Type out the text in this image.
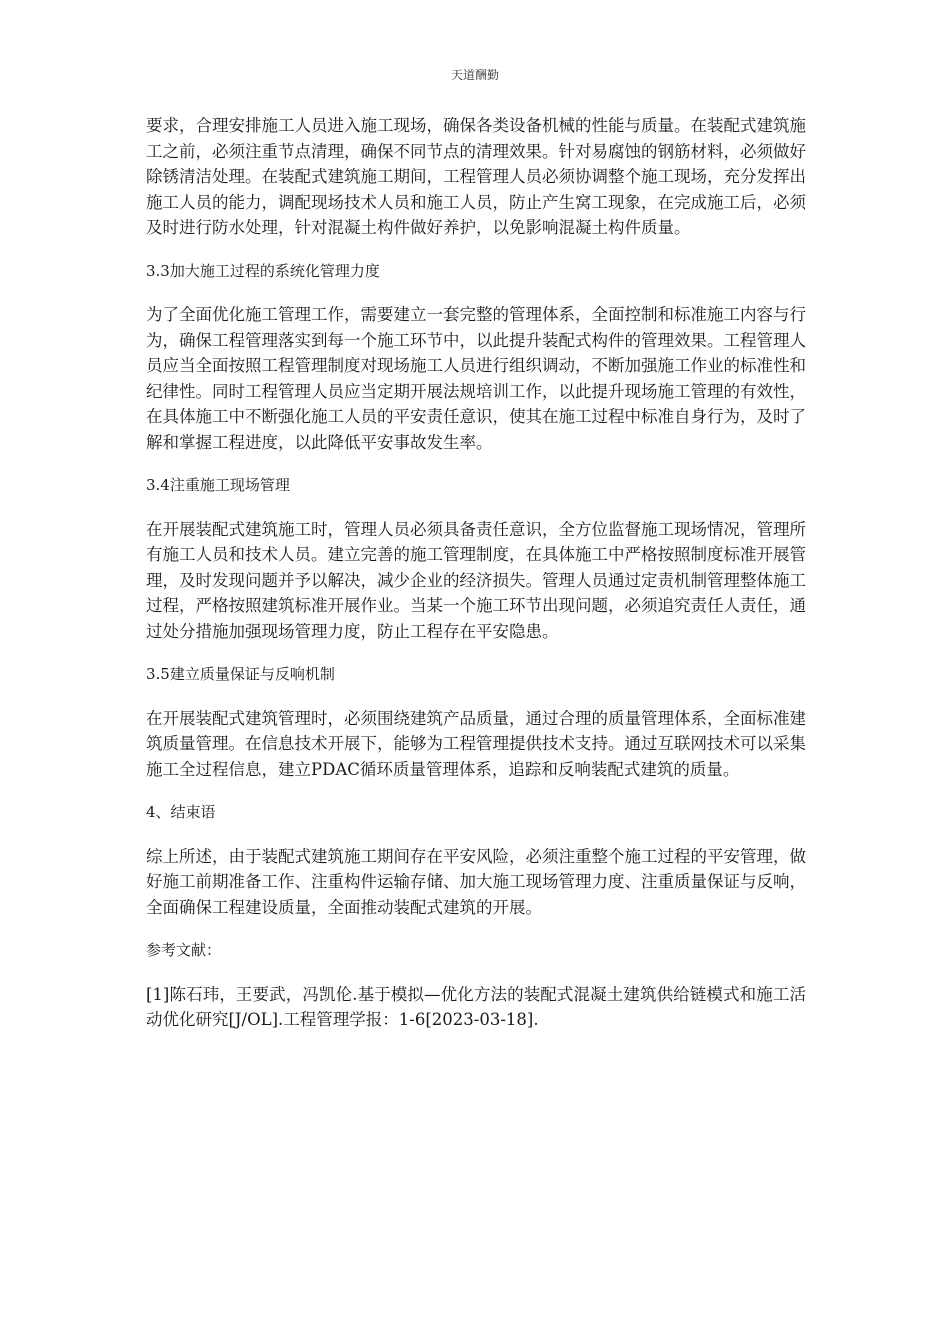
天道酬勤

要求，合理安排施工人员进入施工现场，确保各类设备机械的性能与质量。在装配式建筑施工之前，必须注重节点清理，确保不同节点的清理效果。针对易腐蚀的钢筋材料，必须做好除锈清洁处理。在装配式建筑施工期间，工程管理人员必须协调整个施工现场，充分发挥出施工人员的能力，调配现场技术人员和施工人员，防止产生窝工现象，在完成施工后，必须及时进行防水处理，针对混凝土构件做好养护，以免影响混凝土构件质量。

3.3加大施工过程的系统化管理力度

为了全面优化施工管理工作，需要建立一套完整的管理体系，全面控制和标准施工内容与行为，确保工程管理落实到每一个施工环节中，以此提升装配式构件的管理效果。工程管理人员应当全面按照工程管理制度对现场施工人员进行组织调动，不断加强施工作业的标准性和纪律性。同时工程管理人员应当定期开展法规培训工作，以此提升现场施工管理的有效性，在具体施工中不断强化施工人员的平安责任意识，使其在施工过程中标准自身行为，及时了解和掌握工程进度，以此降低平安事故发生率。

3.4注重施工现场管理

在开展装配式建筑施工时，管理人员必须具备责任意识，全方位监督施工现场情况，管理所有施工人员和技术人员。建立完善的施工管理制度，在具体施工中严格按照制度标准开展管理，及时发现问题并予以解决，减少企业的经济损失。管理人员通过定责机制管理整体施工过程，严格按照建筑标准开展作业。当某一个施工环节出现问题，必须追究责任人责任，通过处分措施加强现场管理力度，防止工程存在平安隐患。

3.5建立质量保证与反响机制

在开展装配式建筑管理时，必须围绕建筑产品质量，通过合理的质量管理体系，全面标准建筑质量管理。在信息技术开展下，能够为工程管理提供技术支持。通过互联网技术可以采集施工全过程信息，建立PDAC循环质量管理体系，追踪和反响装配式建筑的质量。

4、结束语

综上所述，由于装配式建筑施工期间存在平安风险，必须注重整个施工过程的平安管理，做好施工前期准备工作、注重构件运输存储、加大施工现场管理力度、注重质量保证与反响，全面确保工程建设质量，全面推动装配式建筑的开展。

参考文献：

[1]陈石玮，王要武，冯凯伦.基于模拟—优化方法的装配式混凝土建筑供给链模式和施工活动优化研究[J/OL].工程管理学报：1-6[2023-03-18].
